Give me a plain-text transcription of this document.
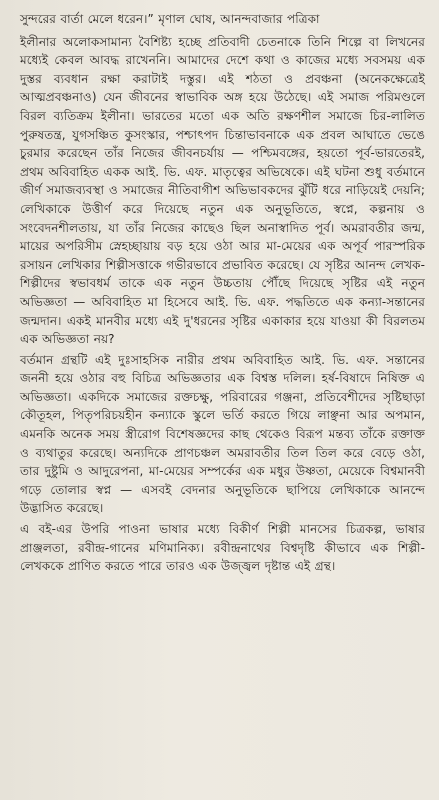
সুন্দরের বার্তা মেলে ধরেন।” মৃণাল ঘোষ, আনন্দবাজার পত্রিকা

ইলীনার অলোকসামান্য বৈশিষ্ট্য হচ্ছে প্রতিবাদী চেতনাকে তিনি শিল্পে বা লিখনের মধ্যেই কেবল আবদ্ধ রাখেননি। আমাদের দেশে কথা ও কাজের মধ্যে সবসময় এক দুস্তর ব্যবধান রক্ষা করাটাই দস্তুর। এই শঠতা ও প্রবঞ্চনা (অনেকক্ষেত্রেই আত্মপ্রবঞ্চনাও) যেন জীবনের স্বাভাবিক অঙ্গ হয়ে উঠেছে। এই সমাজ পরিমণ্ডলে বিরল ব্যতিক্রম ইলীনা। ভারতের মতো এক অতি রক্ষণশীল সমাজে চির-লালিত পুরুষতন্ত্র, যুগসঞ্চিত কুসংস্কার, পশ্চাৎপদ চিন্তাভাবনাকে এক প্রবল আঘাতে ভেঙে চুরমার করেছেন তাঁর নিজের জীবনচর্যায় — পশ্চিমবঙ্গের, হয়তো পূর্ব-ভারতেরই, প্রথম অবিবাহিত একক আই. ভি. এফ. মাতৃত্বের অভিষেকে। এই ঘটনা শুধু বর্তমানে জীর্ণ সমাজব্যবস্থা ও সমাজের নীতিবাগীশ অভিভাবকদের ঝুঁটি ধরে নাড়িয়েই দেয়নি; লেখিকাকে উত্তীর্ণ করে দিয়েছে নতুন এক অনুভূতিতে, স্বপ্নে, কল্পনায় ও সংবেদনশীলতায়, যা তাঁর নিজের কাছেও ছিল অনাস্বাদিত পূর্ব। অমরাবতীর জন্ম, মায়ের অপরিসীম স্নেহচ্ছায়ায় বড় হয়ে ওঠা আর মা-মেয়ের এক অপূর্ব পারস্পরিক রসায়ন লেখিকার শিল্পীসত্তাকে গভীরভাবে প্রভাবিত করেছে। যে সৃষ্টির আনন্দ লেখক-শিল্পীদের স্বভাবধর্ম তাকে এক নতুন উচ্চতায় পৌঁছে দিয়েছে সৃষ্টির এই নতুন অভিজ্ঞতা — অবিবাহিত মা হিসেবে আই. ভি. এফ. পদ্ধতিতে এক কন্যা-সন্তানের জন্মদান। একই মানবীর মধ্যে এই দু'ধরনের সৃষ্টির একাকার হয়ে যাওয়া কী বিরলতম এক অভিজ্ঞতা নয়?

বর্তমান গ্রন্থটি এই দুঃসাহসিক নারীর প্রথম অবিবাহিত আই. ভি. এফ. সন্তানের জননী হয়ে ওঠার বহু বিচিত্র অভিজ্ঞতার এক বিশ্বস্ত দলিল। হর্ষ-বিষাদে নিষিক্ত এ অভিজ্ঞতা। একদিকে সমাজের রক্তচক্ষু, পরিবারের গঞ্জনা, প্রতিবেশীদের সৃষ্টিছাড়া কৌতূহল, পিতৃপরিচয়হীন কন্যাকে স্কুলে ভর্তি করতে গিয়ে লাঞ্ছনা আর অপমান, এমনকি অনেক সময় স্ত্রীরোগ বিশেষজ্ঞদের কাছ থেকেও বিরূপ মন্তব্য তাঁকে রক্তাক্ত ও ব্যথাতুর করেছে। অন্যদিকে প্রাণচঞ্চল অমরাবতীর তিল তিল করে বেড়ে ওঠা, তার দুষ্টুমি ও আদুরেপনা, মা-মেয়ের সম্পর্কের এক মধুর উষ্ণতা, মেয়েকে বিশ্বমানবী গড়ে তোলার স্বপ্ন — এসবই বেদনার অনুভূতিকে ছাপিয়ে লেখিকাকে আনন্দে উদ্ভাসিত করেছে।

এ বই-এর উপরি পাওনা ভাষার মধ্যে বিকীর্ণ শিল্পী মানসের চিত্রকল্প, ভাষার প্রাঞ্জলতা, রবীন্দ্র-গানের মণিমানিক্য। রবীন্দ্রনাথের বিশ্বদৃষ্টি কীভাবে এক শিল্পী-লেখককে প্রাণিত করতে পারে তারও এক উজ্জ্বল দৃষ্টান্ত এই গ্রন্থ।
